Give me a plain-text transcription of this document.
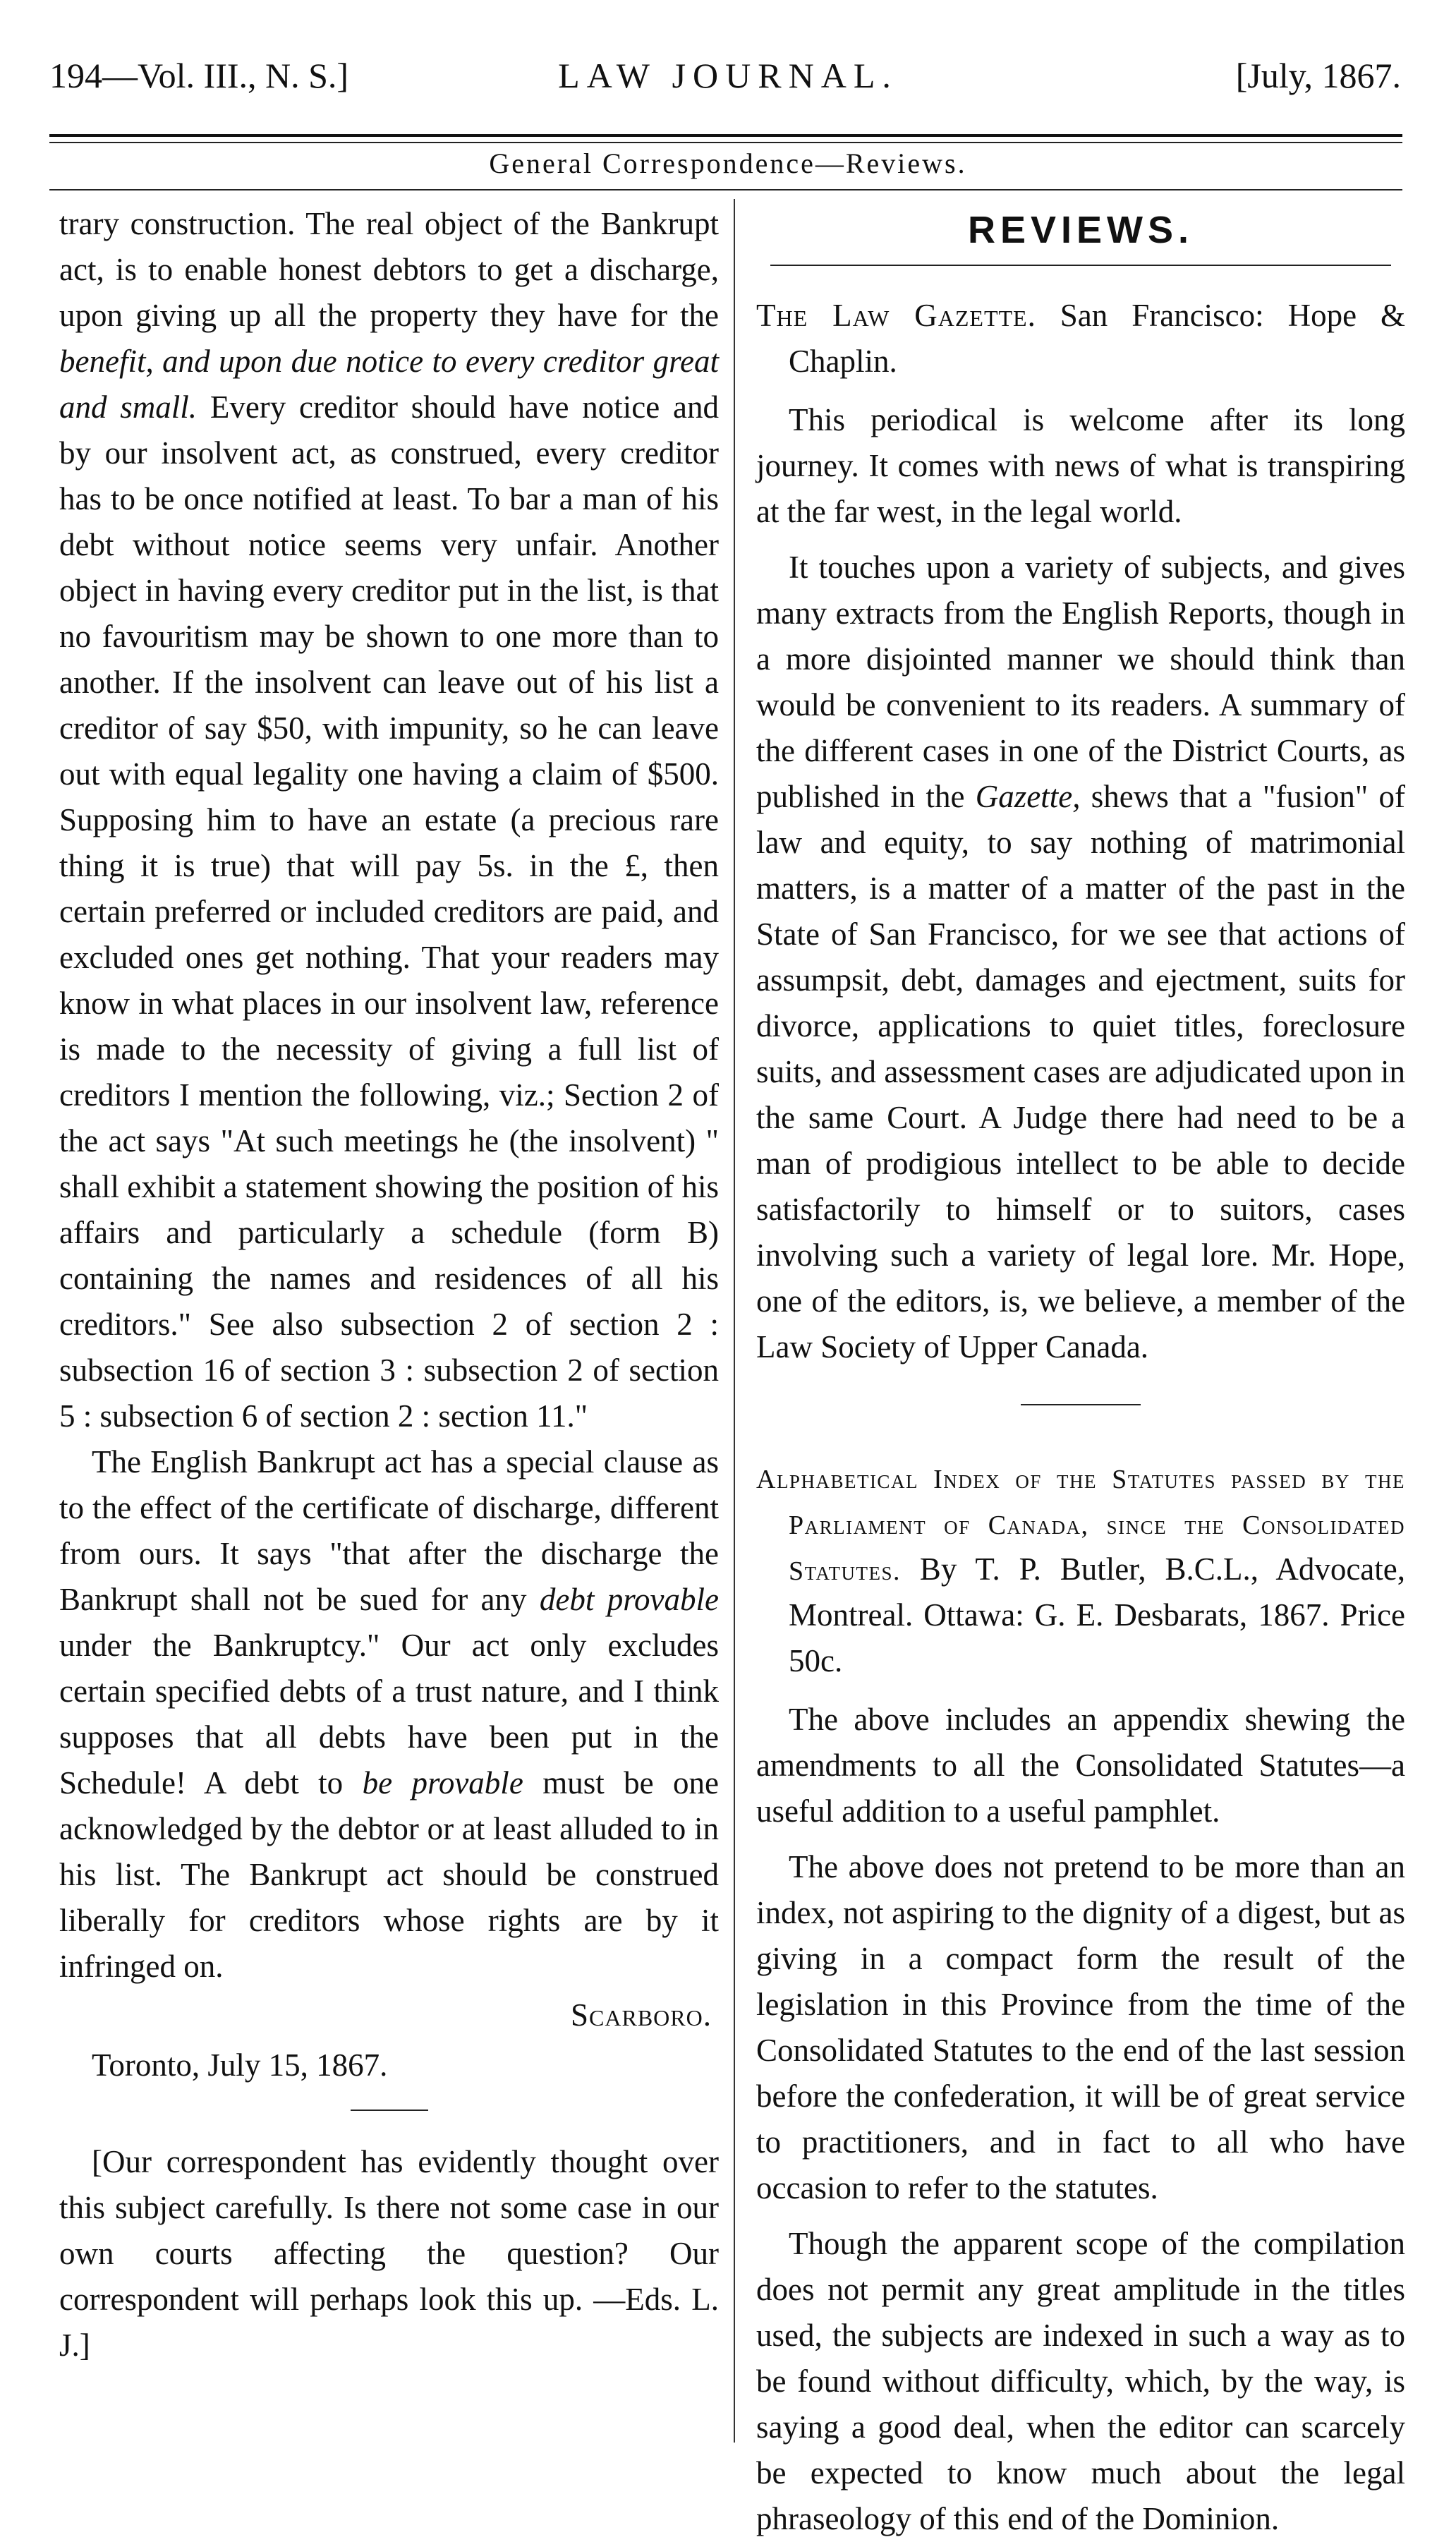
194—Vol. III., N. S.]	LAW JOURNAL.	[July, 1867.
General Correspondence—Reviews.

trary construction. The real object of the Bankrupt act, is to enable honest debtors to get a discharge, upon giving up all the property they have for the benefit, and upon due notice to every creditor great and small. Every creditor should have notice and by our insolvent act, as construed, every creditor has to be once notified at least. To bar a man of his debt without notice seems very unfair. Another object in having every creditor put in the list, is that no favouritism may be shown to one more than to another. If the insolvent can leave out of his list a creditor of say $50, with impunity, so he can leave out with equal legality one having a claim of $500. Supposing him to have an estate (a precious rare thing it is true) that will pay 5s. in the £, then certain preferred or included creditors are paid, and excluded ones get nothing. That your readers may know in what places in our insolvent law, reference is made to the necessity of giving a full list of creditors I mention the following, viz.; Section 2 of the act says "At such meetings he (the insolvent) " shall exhibit a statement showing the position of his affairs and particularly a schedule (form B) containing the names and residences of all his creditors." See also subsection 2 of section 2 : subsection 16 of section 3 : subsection 2 of section 5 : subsection 6 of section 2 : section 11."

The English Bankrupt act has a special clause as to the effect of the certificate of discharge, different from ours. It says "that after the discharge the Bankrupt shall not be sued for any debt provable under the Bankruptcy." Our act only excludes certain specified debts of a trust nature, and I think supposes that all debts have been put in the Schedule! A debt to be provable must be one acknowledged by the debtor or at least alluded to in his list. The Bankrupt act should be construed liberally for creditors whose rights are by it infringed on.

Scarboro.

Toronto, July 15, 1867.

[Our correspondent has evidently thought over this subject carefully. Is there not some case in our own courts affecting the question? Our correspondent will perhaps look this up. —Eds. L. J.]

REVIEWS.

The Law Gazette. San Francisco: Hope & Chaplin.

This periodical is welcome after its long journey. It comes with news of what is transpiring at the far west, in the legal world.

It touches upon a variety of subjects, and gives many extracts from the English Reports, though in a more disjointed manner we should think than would be convenient to its readers. A summary of the different cases in one of the District Courts, as published in the Gazette, shews that a "fusion" of law and equity, to say nothing of matrimonial matters, is a matter of a matter of the past in the State of San Francisco, for we see that actions of assumpsit, debt, damages and ejectment, suits for divorce, applications to quiet titles, foreclosure suits, and assessment cases are adjudicated upon in the same Court. A Judge there had need to be a man of prodigious intellect to be able to decide satisfactorily to himself or to suitors, cases involving such a variety of legal lore. Mr. Hope, one of the editors, is, we believe, a member of the Law Society of Upper Canada.

Alphabetical Index of the Statutes passed by the Parliament of Canada, since the Consolidated Statutes. By T. P. Butler, B.C.L., Advocate, Montreal. Ottawa: G. E. Desbarats, 1867. Price 50c.

The above includes an appendix shewing the amendments to all the Consolidated Statutes—a useful addition to a useful pamphlet.

The above does not pretend to be more than an index, not aspiring to the dignity of a digest, but as giving in a compact form the result of the legislation in this Province from the time of the Consolidated Statutes to the end of the last session before the confederation, it will be of great service to practitioners, and in fact to all who have occasion to refer to the statutes.

Though the apparent scope of the compilation does not permit any great amplitude in the titles used, the subjects are indexed in such a way as to be found without difficulty, which, by the way, is saying a good deal, when the editor can scarcely be expected to know much about the legal phraseology of this end of the Dominion.
